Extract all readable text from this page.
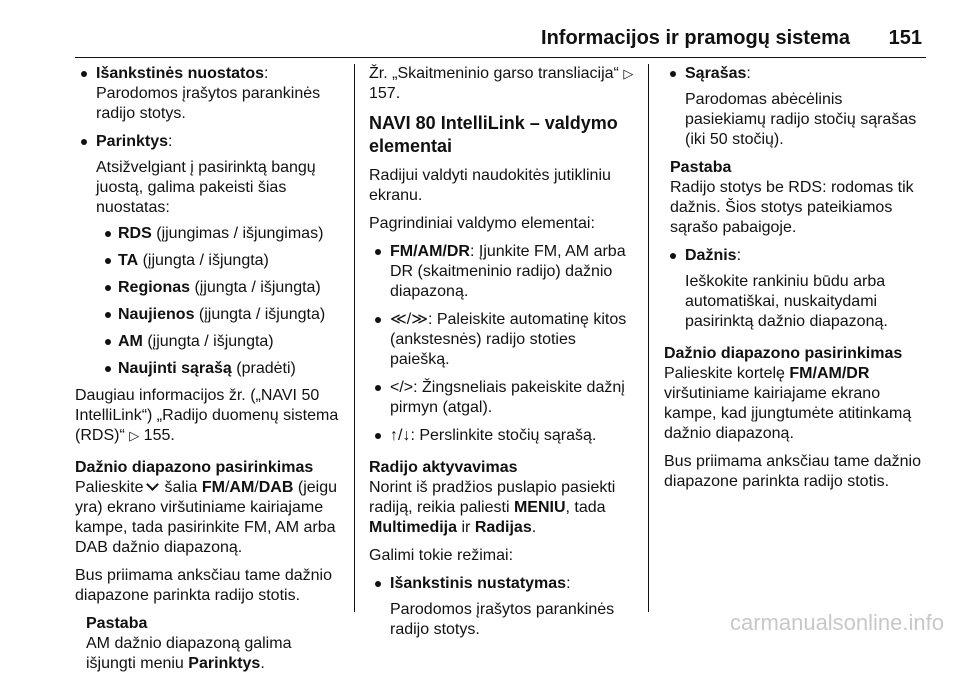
Informacijos ir pramogų sistema 151
Išankstinės nuostatos:
Parodomos įrašytos parankinės radijo stotys.
Parinktys:
Atsižvelgiant į pasirinktą bangų juostą, galima pakeisti šias nuostatas:
RDS (įjungimas / išjungimas)
TA (įjungta / išjungta)
Regionas (įjungta / išjungta)
Naujienos (įjungta / išjungta)
AM (įjungta / išjungta)
Naujinti sąrašą (pradėti)

Daugiau informacijos žr. („NAVI 50 IntelliLink“) „Radijo duomenų sistema (RDS)“ ▷ 155.

Dažnio diapazono pasirinkimas

Palieskite šalia FM/AM/DAB (jeigu yra) ekrano viršutiniame kairiajame kampe, tada pasirinkite FM, AM arba DAB dažnio diapazoną.

Bus priimama anksčiau tame dažnio diapazone parinkta radijo stotis.

Pastaba
AM dažnio diapazoną galima išjungti meniu Parinktys.

Žr. „Skaitmeninio garso transliacija“ ▷ 157.

NAVI 80 IntelliLink – valdymo elementai

Radijui valdyti naudokitės jutikliniu ekranu.

Pagrindiniai valdymo elementai:

FM/AM/DR: Įjunkite FM, AM arba DR (skaitmeninio radijo) dažnio diapazoną.
≪/≫: Paleiskite automatinę kitos (ankstesnės) radijo stoties paiešką.
</>: Žingsneliais pakeiskite dažnį pirmyn (atgal).
↑/↓: Perslinkite stočių sąrašą.
Radijo aktyvavimas

Norint iš pradžios puslapio pasiekti radiją, reikia paliesti MENIU, tada Multimedija ir Radijas.

Galimi tokie režimai:

Išankstinis nustatymas:
Parodomos įrašytos parankinės radijo stotys.
Sąrašas:
Parodomas abėcėlinis pasiekiamų radijo stočių sąrašas (iki 50 stočių).
Pastaba
Radijo stotys be RDS: rodomas tik dažnis. Šios stotys pateikiamos sąrašo pabaigoje.
Dažnis:
Ieškokite rankiniu būdu arba automatiškai, nuskaitydami pasirinktą dažnio diapazoną.
Dažnio diapazono pasirinkimas

Palieskite kortelę FM/AM/DR viršutiniame kairiajame ekrano kampe, kad įjungtumėte atitinkamą dažnio diapazoną.

Bus priimama anksčiau tame dažnio diapazone parinkta radijo stotis.

carmanualsonline.info
